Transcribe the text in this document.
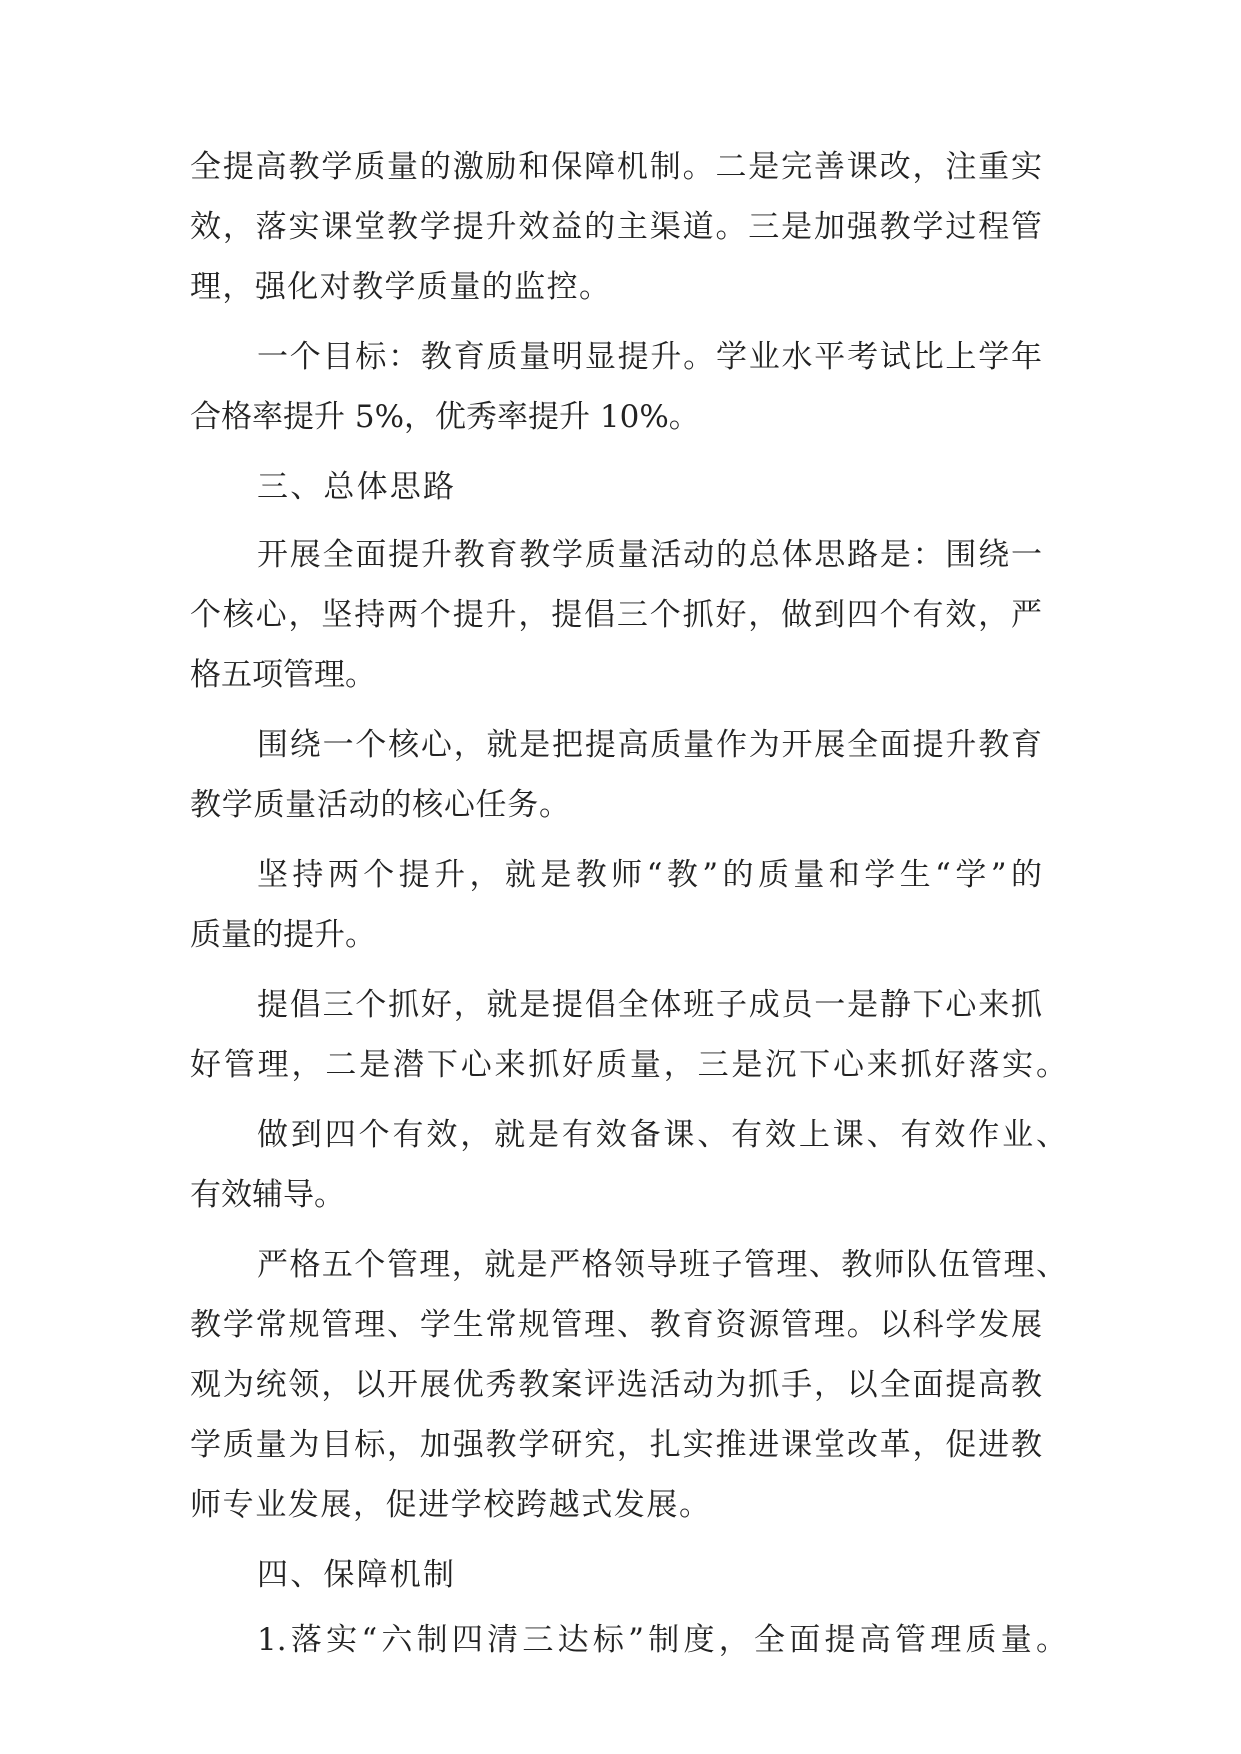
全提高教学质量的激励和保障机制。二是完善课改，注重实
效，落实课堂教学提升效益的主渠道。三是加强教学过程管
理，强化对教学质量的监控。
一个目标：教育质量明显提升。学业水平考试比上学年
合格率提升 5%，优秀率提升 10%。
三、总体思路
开展全面提升教育教学质量活动的总体思路是：围绕一
个核心，坚持两个提升，提倡三个抓好，做到四个有效，严
格五项管理。
围绕一个核心，就是把提高质量作为开展全面提升教育
教学质量活动的核心任务。
坚持两个提升，就是教师“教”的质量和学生“学”的
质量的提升。
提倡三个抓好，就是提倡全体班子成员一是静下心来抓
好管理，二是潜下心来抓好质量，三是沉下心来抓好落实。
做到四个有效，就是有效备课、有效上课、有效作业、
有效辅导。
严格五个管理，就是严格领导班子管理、教师队伍管理、
教学常规管理、学生常规管理、教育资源管理。以科学发展
观为统领，以开展优秀教案评选活动为抓手，以全面提高教
学质量为目标，加强教学研究，扎实推进课堂改革，促进教
师专业发展，促进学校跨越式发展。
四、保障机制
1.落实“六制四清三达标”制度，全面提高管理质量。
